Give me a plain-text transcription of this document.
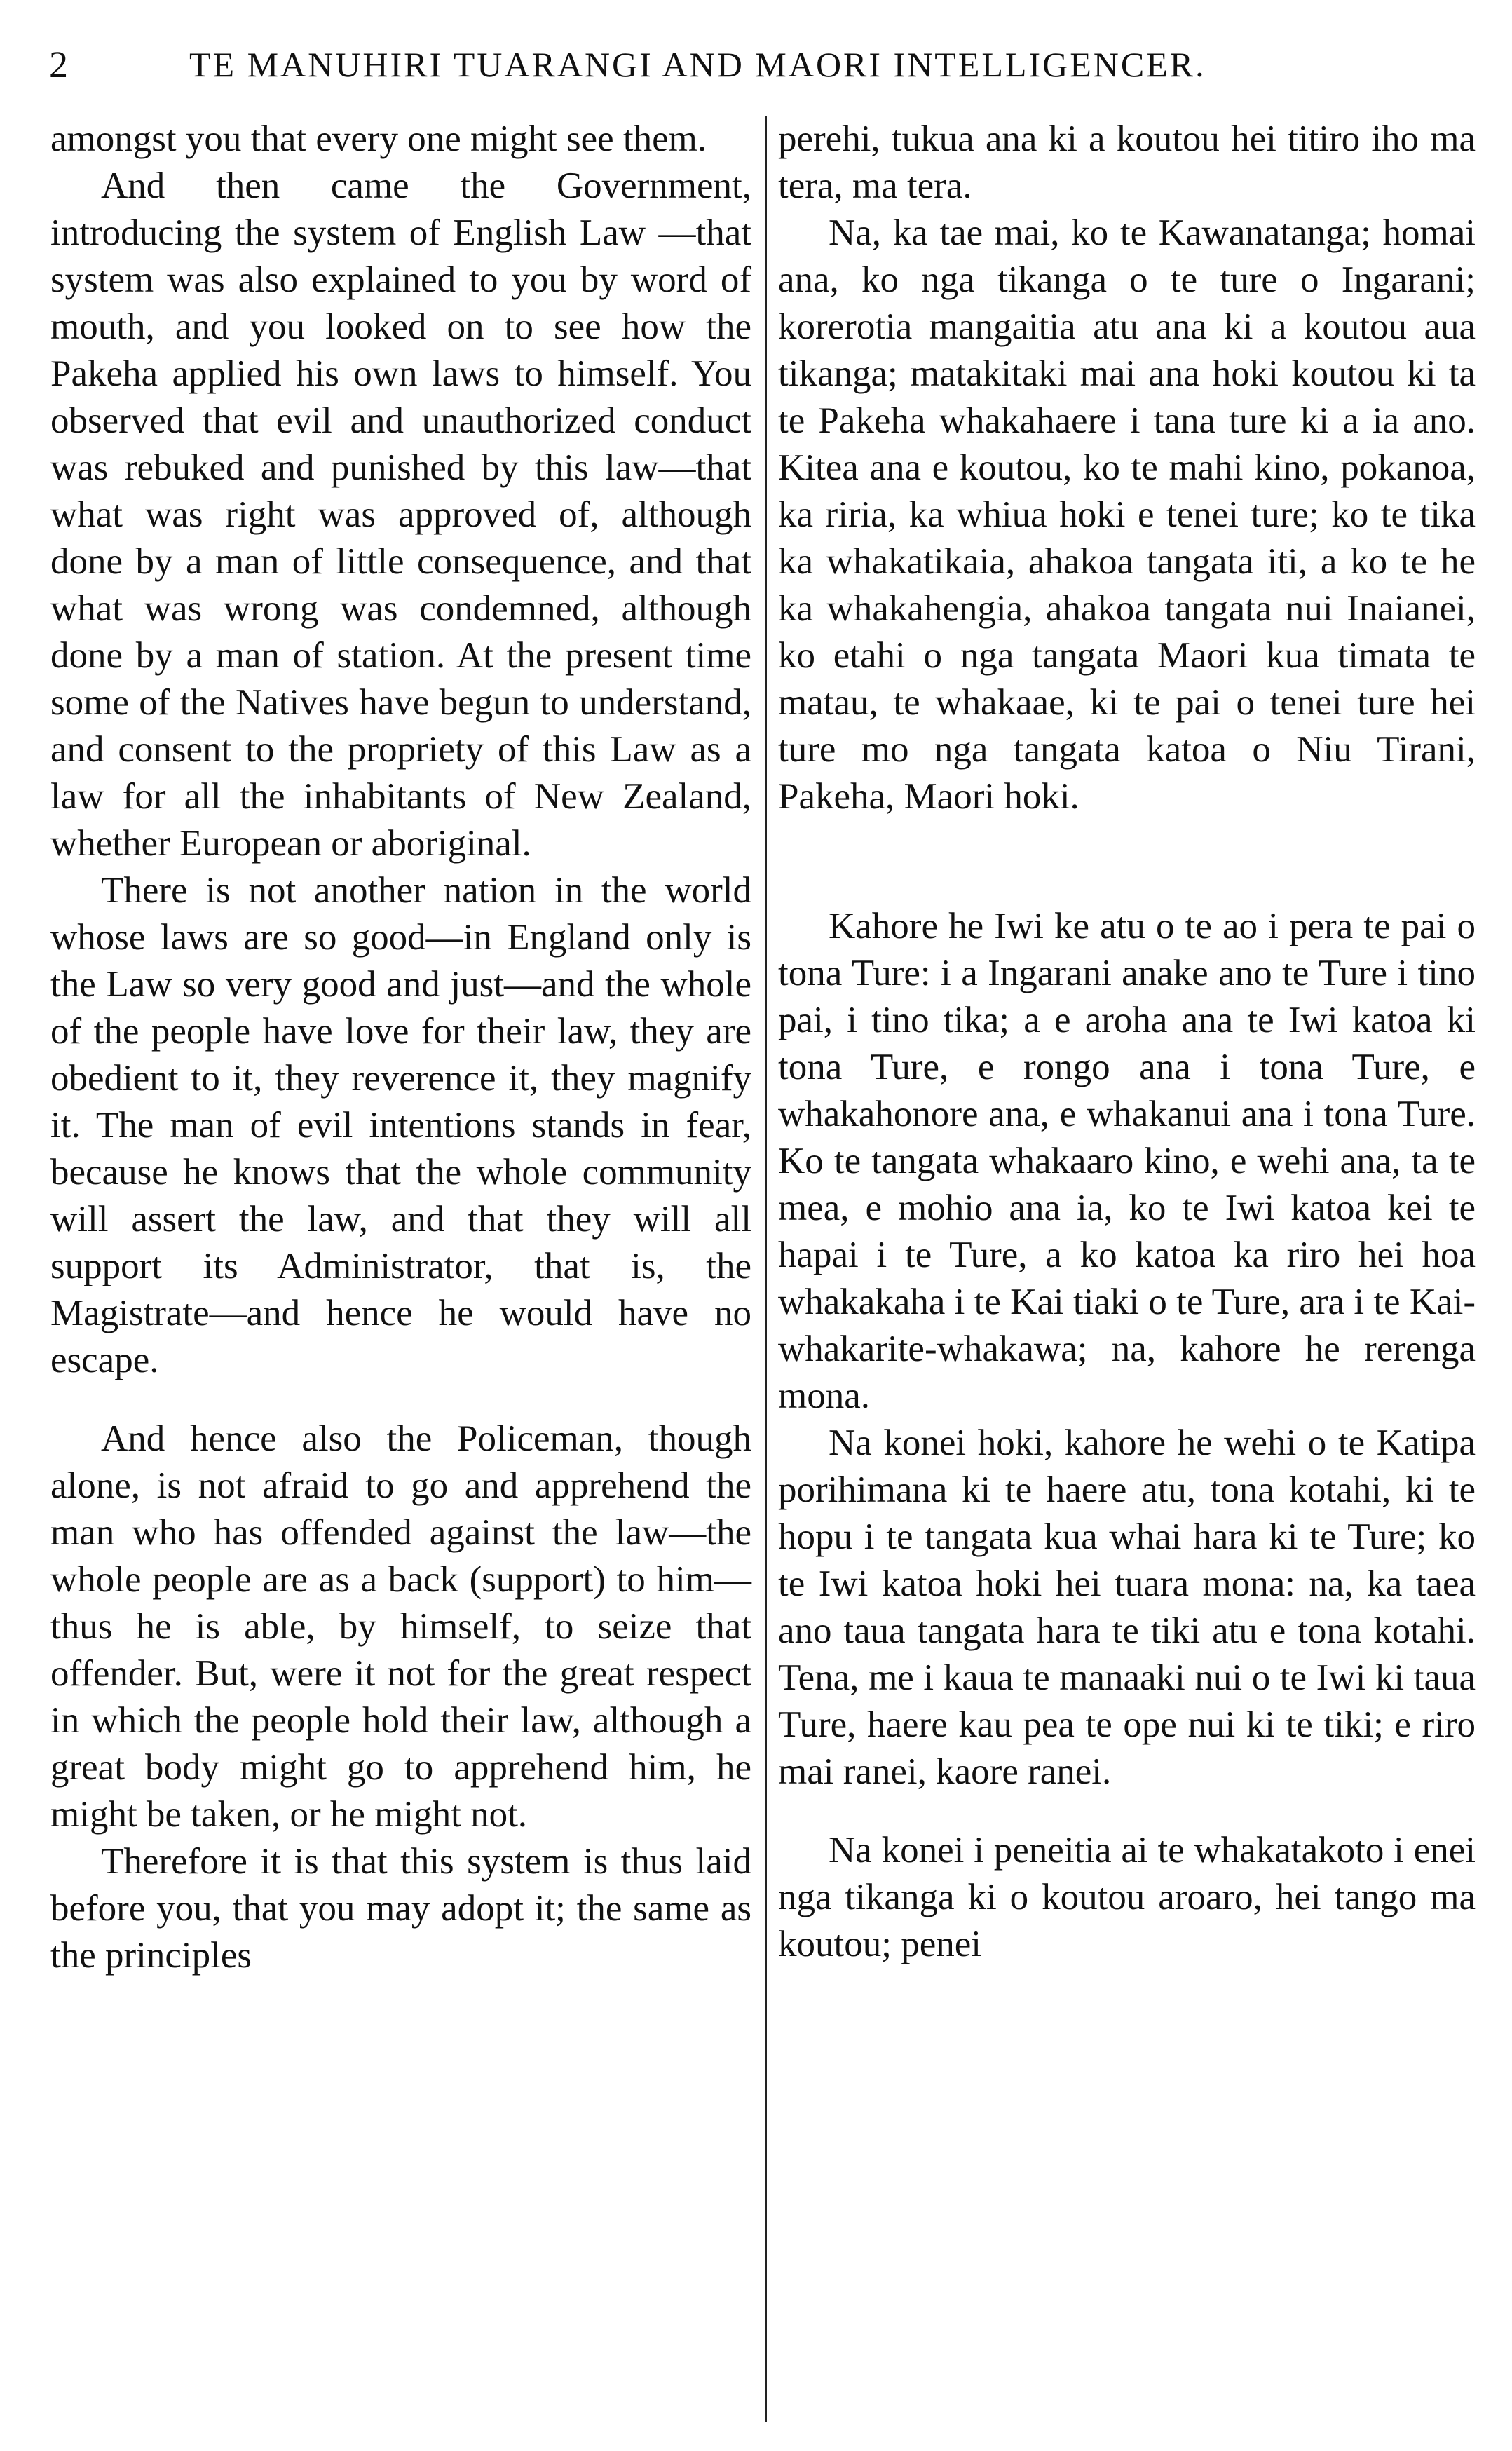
2	TE MANUHIRI TUARANGI AND MAORI INTELLIGENCER.

amongst you that every one might see them.

And then came the Government, introducing the system of English Law —that system was also explained to you by word of mouth, and you looked on to see how the Pakeha applied his own laws to himself. You observed that evil and unauthorized conduct was rebuked and punished by this law—that what was right was approved of, although done by a man of little consequence, and that what was wrong was condemned, although done by a man of station. At the present time some of the Natives have begun to understand, and consent to the propriety of this Law as a law for all the inhabitants of New Zealand, whether European or aboriginal.

There is not another nation in the world whose laws are so good—in England only is the Law so very good and just—and the whole of the people have love for their law, they are obedient to it, they reverence it, they magnify it. The man of evil intentions stands in fear, because he knows that the whole community will assert the law, and that they will all support its Administrator, that is, the Magistrate—and hence he would have no escape.

And hence also the Policeman, though alone, is not afraid to go and apprehend the man who has offended against the law—the whole people are as a back (support) to him—thus he is able, by himself, to seize that offender. But, were it not for the great respect in which the people hold their law, although a great body might go to apprehend him, he might be taken, or he might not.

Therefore it is that this system is thus laid before you, that you may adopt it; the same as the principles

perehi, tukua ana ki a koutou hei titiro iho ma tera, ma tera.

Na, ka tae mai, ko te Kawanatanga; homai ana, ko nga tikanga o te ture o Ingarani; korerotia mangaitia atu ana ki a koutou aua tikanga; matakitaki mai ana hoki koutou ki ta te Pakeha whakahaere i tana ture ki a ia ano. Kitea ana e koutou, ko te mahi kino, pokanoa, ka riria, ka whiua hoki e tenei ture; ko te tika ka whakatikaia, ahakoa tangata iti, a ko te he ka whakahengia, ahakoa tangata nui Inaianei, ko etahi o nga tangata Maori kua timata te matau, te whakaae, ki te pai o tenei ture hei ture mo nga tangata katoa o Niu Tirani, Pakeha, Maori hoki.

Kahore he Iwi ke atu o te ao i pera te pai o tona Ture: i a Ingarani anake ano te Ture i tino pai, i tino tika; a e aroha ana te Iwi katoa ki tona Ture, e rongo ana i tona Ture, e whakahonore ana, e whakanui ana i tona Ture. Ko te tangata whakaaro kino, e wehi ana, ta te mea, e mohio ana ia, ko te Iwi katoa kei te hapai i te Ture, a ko katoa ka riro hei hoa whakakaha i te Kai tiaki o te Ture, ara i te Kai-whakarite-whakawa; na, kahore he rerenga mona.

Na konei hoki, kahore he wehi o te Katipa porihimana ki te haere atu, tona kotahi, ki te hopu i te tangata kua whai hara ki te Ture; ko te Iwi katoa hoki hei tuara mona: na, ka taea ano taua tangata hara te tiki atu e tona kotahi. Tena, me i kaua te manaaki nui o te Iwi ki taua Ture, haere kau pea te ope nui ki te tiki; e riro mai ranei, kaore ranei.

Na konei i peneitia ai te whakatakoto i enei nga tikanga ki o koutou aroaro, hei tango ma koutou; penei
